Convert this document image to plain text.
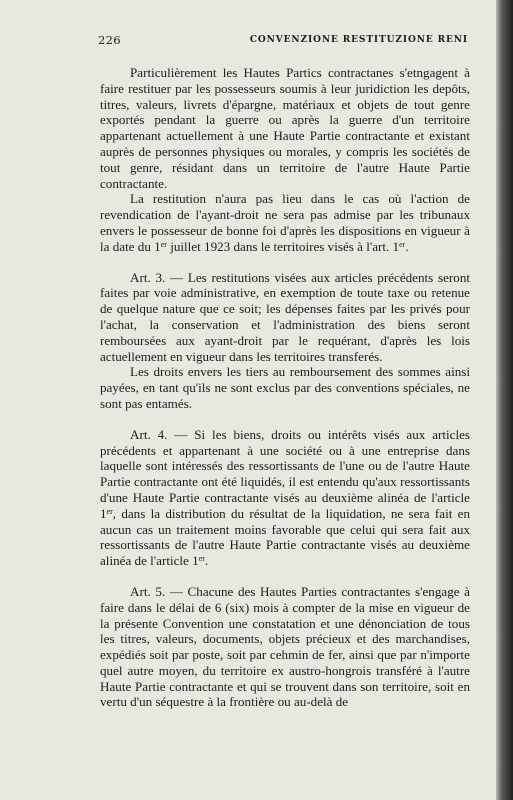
226	CONVENZIONE RESTITUZIONE RENI

Particulièrement les Hautes Partics contractanes s'etngagent à faire restituer par les possesseurs soumis à leur juridiction les depôts, titres, valeurs, livrets d'épargne, matériaux et objets de tout genre exportés pendant la guerre ou après la guerre d'un territoire appartenant actuellement à une Haute Partie contractante et existant auprès de personnes physiques ou morales, y compris les sociétés de tout genre, résidant dans un territoire de l'autre Haute Partie contractante.

La restitution n'aura pas lieu dans le cas où l'action de revendication de l'ayant-droit ne sera pas admise par les tribunaux envers le possesseur de bonne foi d'après les dispositions en vigueur à la date du 1er juillet 1923 dans le territoires visés à l'art. 1er.

Art. 3. — Les restitutions visées aux articles précédents seront faites par voie administrative, en exemption de toute taxe ou retenue de quelque nature que ce soit; les dépenses faites par les privés pour l'achat, la conservation et l'administration des biens seront remboursées aux ayant-droit par le requérant, d'après les lois actuellement en vigueur dans les territoires transferés.

Les droits envers les tiers au remboursement des sommes ainsi payées, en tant qu'ils ne sont exclus par des conventions spéciales, ne sont pas entamés.

Art. 4. — Si les biens, droits ou intérêts visés aux articles précédents et appartenant à une société ou à une entreprise dans laquelle sont intéressés des ressortissants de l'une ou de l'autre Haute Partie contractante ont été liquidés, il est entendu qu'aux ressortissants d'une Haute Partie contractante visés au deuxième alinéa de l'article 1er, dans la distribution du résultat de la liquidation, ne sera fait en aucun cas un traitement moins favorable que celui qui sera fait aux ressortissants de l'autre Haute Partie contractante visés au deuxième alinéa de l'article 1er.

Art. 5. — Chacune des Hautes Parties contractantes s'engage à faire dans le délai de 6 (six) mois à compter de la mise en vigueur de la présente Convention une constatation et une dénonciation de tous les titres, valeurs, documents, objets précieux et des marchandises, expédiés soit par poste, soit par cehmin de fer, ainsi que par n'importe quel autre moyen, du territoire ex austro-hongrois transféré à l'autre Haute Partie contractante et qui se trouvent dans son territoire, soit en vertu d'un séquestre à la frontière ou au-delà de
